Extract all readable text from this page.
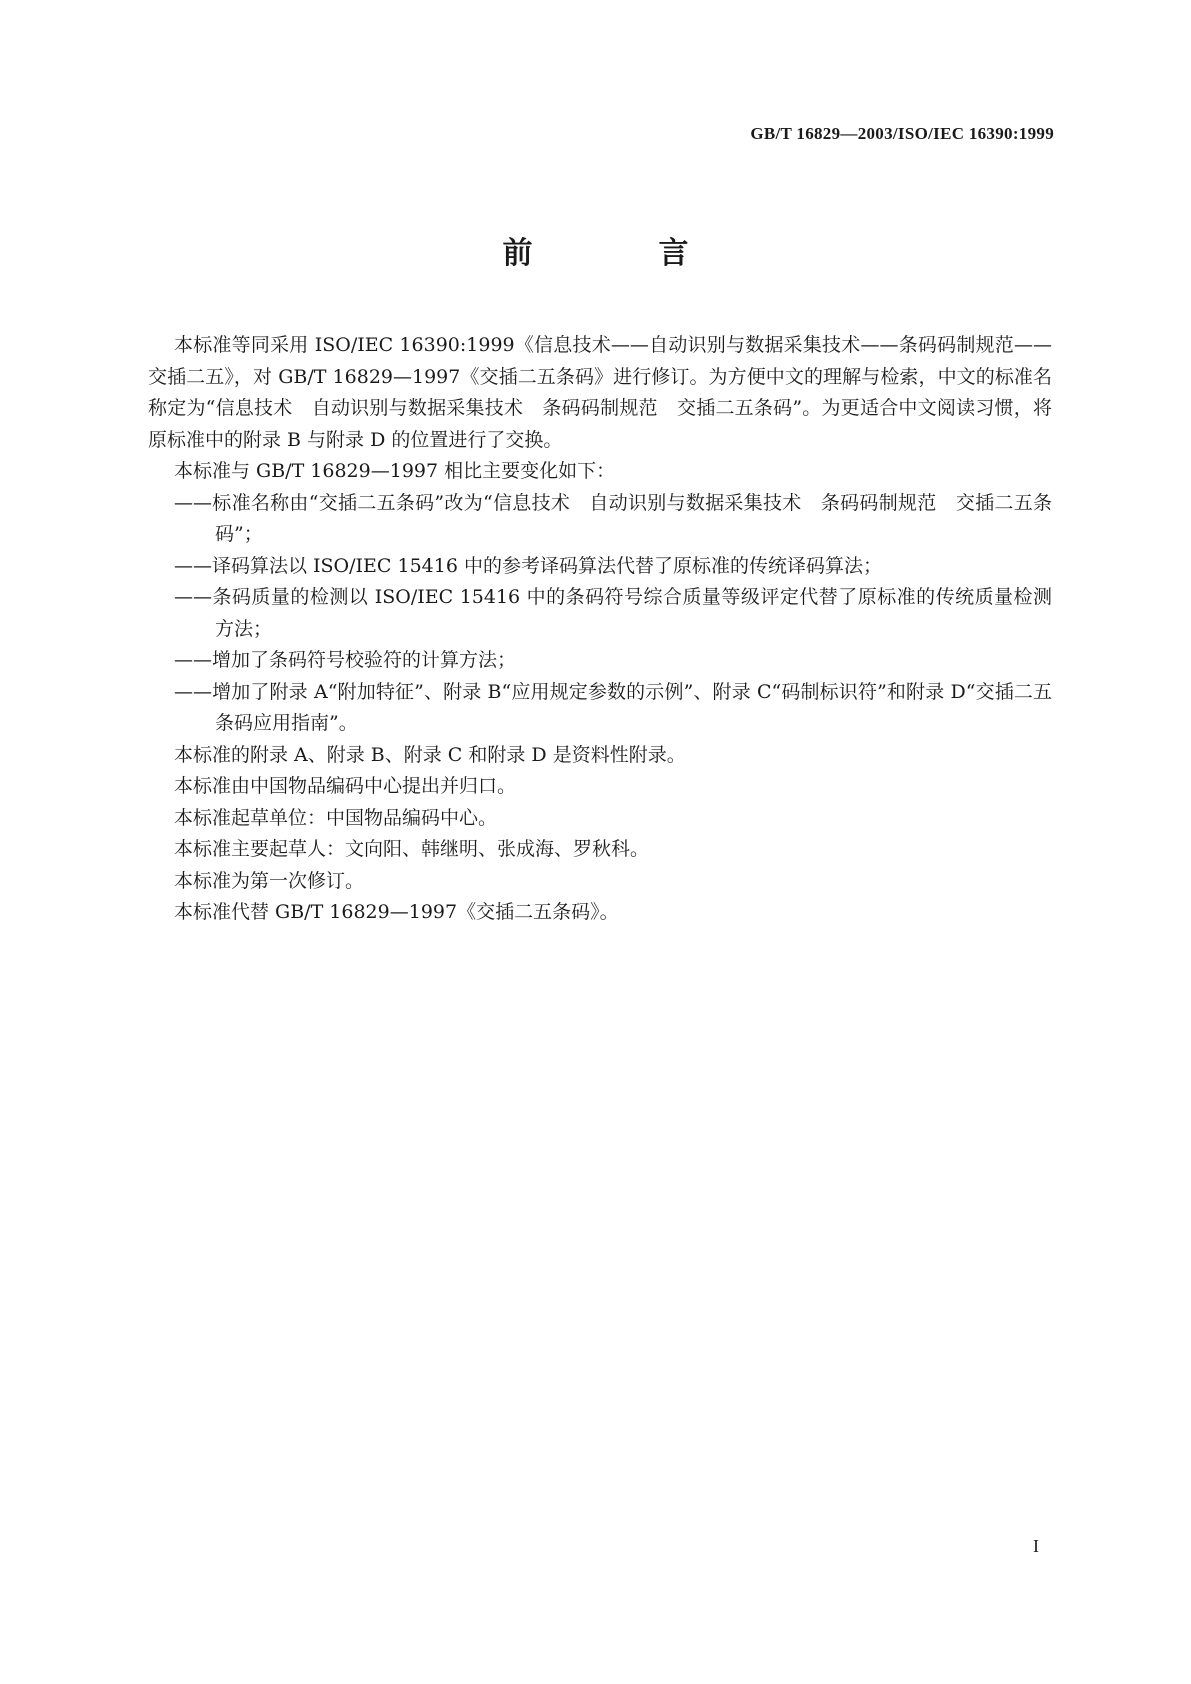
GB/T 16829—2003/ISO/IEC 16390:1999
前　言

本标准等同采用 ISO/IEC 16390:1999《信息技术——自动识别与数据采集技术——条码码制规范——交插二五》，对 GB/T 16829—1997《交插二五条码》进行修订。为方便中文的理解与检索，中文的标准名称定为“信息技术　自动识别与数据采集技术　条码码制规范　交插二五条码”。为更适合中文阅读习惯，将原标准中的附录 B 与附录 D 的位置进行了交换。

本标准与 GB/T 16829—1997 相比主要变化如下：

——标准名称由“交插二五条码”改为“信息技术　自动识别与数据采集技术　条码码制规范　交插二五条码”；

——译码算法以 ISO/IEC 15416 中的参考译码算法代替了原标准的传统译码算法；

——条码质量的检测以 ISO/IEC 15416 中的条码符号综合质量等级评定代替了原标准的传统质量检测方法；

——增加了条码符号校验符的计算方法；

——增加了附录 A“附加特征”、附录 B“应用规定参数的示例”、附录 C“码制标识符”和附录 D“交插二五条码应用指南”。

本标准的附录 A、附录 B、附录 C 和附录 D 是资料性附录。

本标准由中国物品编码中心提出并归口。

本标准起草单位：中国物品编码中心。

本标准主要起草人：文向阳、韩继明、张成海、罗秋科。

本标准为第一次修订。

本标准代替 GB/T 16829—1997《交插二五条码》。

I
